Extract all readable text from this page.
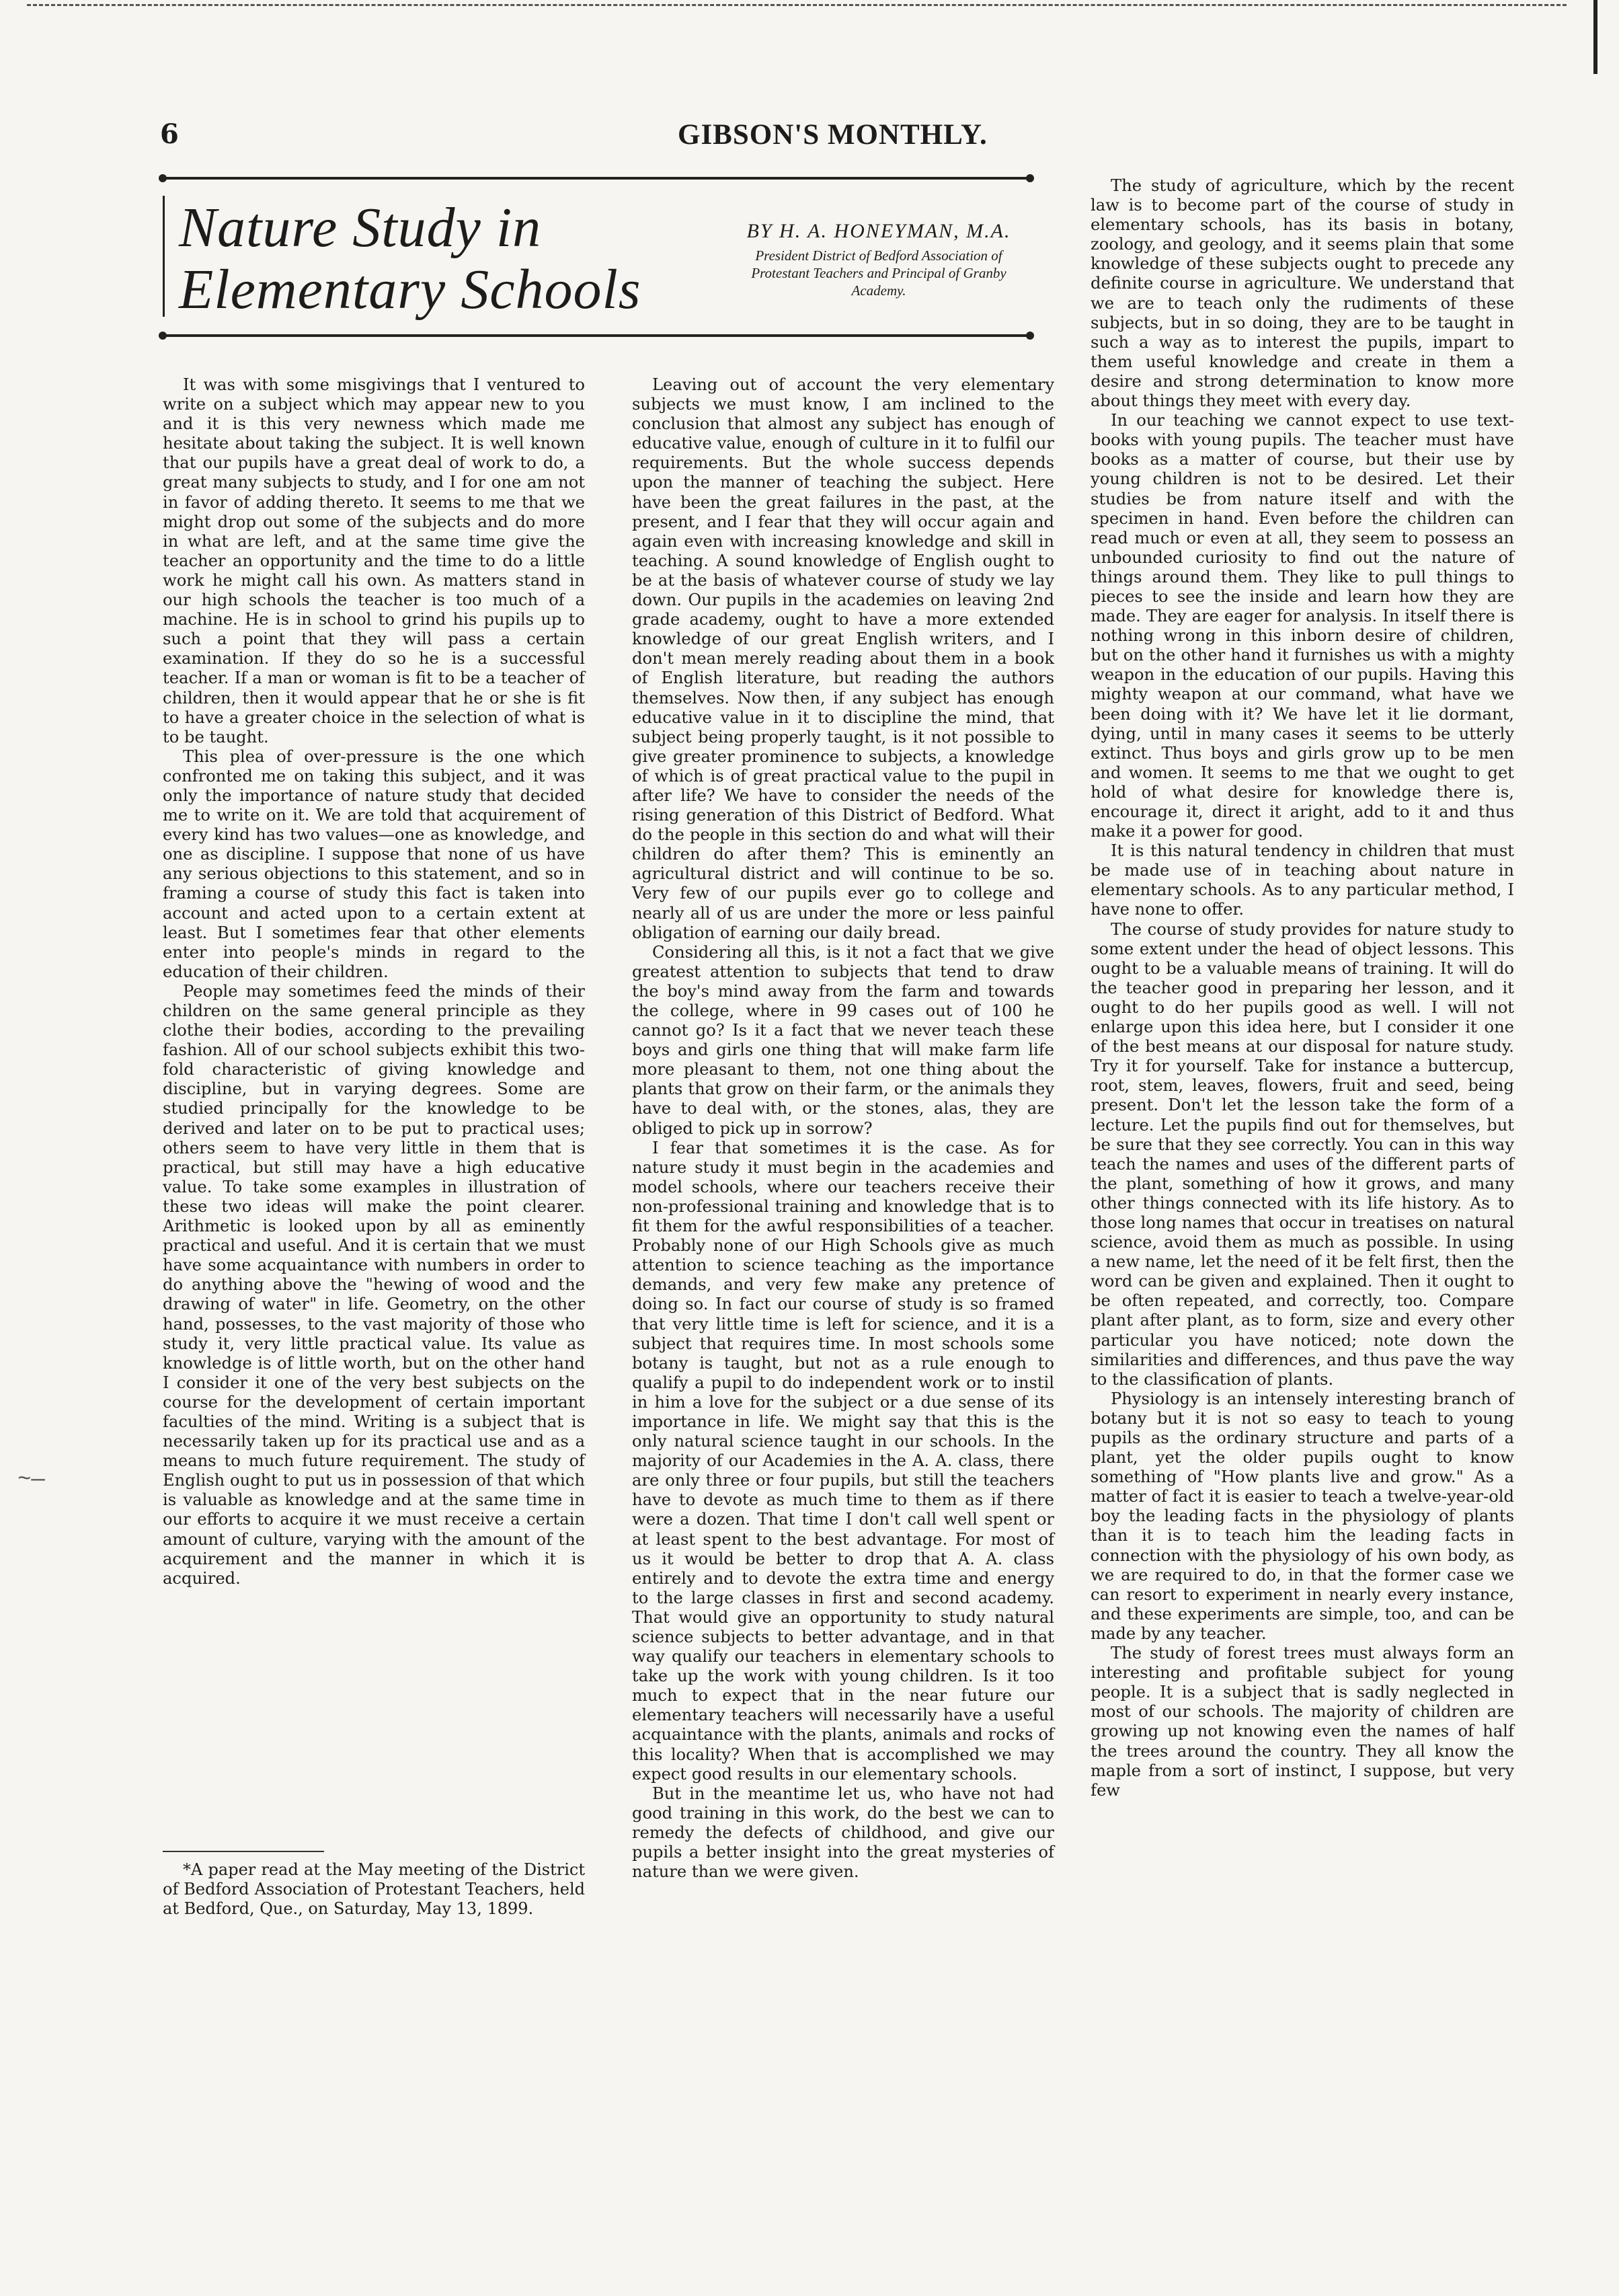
~—
6	GIBSON'S MONTHLY.
Nature Study in Elementary Schools
BY H. A. HONEYMAN, M.A.
President District of Bedford Association of Protestant Teachers and Principal of Granby Academy.

It was with some misgivings that I ventured to write on a subject which may appear new to you and it is this very newness which made me hesitate about taking the subject. It is well known that our pupils have a great deal of work to do, a great many subjects to study, and I for one am not in favor of adding thereto. It seems to me that we might drop out some of the subjects and do more in what are left, and at the same time give the teacher an opportunity and the time to do a little work he might call his own. As matters stand in our high schools the teacher is too much of a machine. He is in school to grind his pupils up to such a point that they will pass a certain examination. If they do so he is a successful teacher. If a man or woman is fit to be a teacher of children, then it would appear that he or she is fit to have a greater choice in the selection of what is to be taught.

This plea of over-pressure is the one which confronted me on taking this subject, and it was only the importance of nature study that decided me to write on it. We are told that acquirement of every kind has two values—one as knowledge, and one as discipline. I suppose that none of us have any serious objections to this statement, and so in framing a course of study this fact is taken into account and acted upon to a certain extent at least. But I sometimes fear that other elements enter into people's minds in regard to the education of their children.

People may sometimes feed the minds of their children on the same general principle as they clothe their bodies, according to the prevailing fashion. All of our school subjects exhibit this two-fold characteristic of giving knowledge and discipline, but in varying degrees. Some are studied principally for the knowledge to be derived and later on to be put to practical uses; others seem to have very little in them that is practical, but still may have a high educative value. To take some examples in illustration of these two ideas will make the point clearer. Arithmetic is looked upon by all as eminently practical and useful. And it is certain that we must have some acquaintance with numbers in order to do anything above the "hewing of wood and the drawing of water" in life. Geometry, on the other hand, possesses, to the vast majority of those who study it, very little practical value. Its value as knowledge is of little worth, but on the other hand I consider it one of the very best subjects on the course for the development of certain important faculties of the mind. Writing is a subject that is necessarily taken up for its practical use and as a means to much future requirement. The study of English ought to put us in possession of that which is valuable as knowledge and at the same time in our efforts to acquire it we must receive a certain amount of culture, varying with the amount of the acquirement and the manner in which it is acquired.

Leaving out of account the very elementary subjects we must know, I am inclined to the conclusion that almost any subject has enough of educative value, enough of culture in it to fulfil our requirements. But the whole success depends upon the manner of teaching the subject. Here have been the great failures in the past, at the present, and I fear that they will occur again and again even with increasing knowledge and skill in teaching. A sound knowledge of English ought to be at the basis of whatever course of study we lay down. Our pupils in the academies on leaving 2nd grade academy, ought to have a more extended knowledge of our great English writers, and I don't mean merely reading about them in a book of English literature, but reading the authors themselves. Now then, if any subject has enough educative value in it to discipline the mind, that subject being properly taught, is it not possible to give greater prominence to subjects, a knowledge of which is of great practical value to the pupil in after life? We have to consider the needs of the rising generation of this District of Bedford. What do the people in this section do and what will their children do after them? This is eminently an agricultural district and will continue to be so. Very few of our pupils ever go to college and nearly all of us are under the more or less painful obligation of earning our daily bread.

Considering all this, is it not a fact that we give greatest attention to subjects that tend to draw the boy's mind away from the farm and towards the college, where in 99 cases out of 100 he cannot go? Is it a fact that we never teach these boys and girls one thing that will make farm life more pleasant to them, not one thing about the plants that grow on their farm, or the animals they have to deal with, or the stones, alas, they are obliged to pick up in sorrow?

I fear that sometimes it is the case. As for nature study it must begin in the academies and model schools, where our teachers receive their non-professional training and knowledge that is to fit them for the awful responsibilities of a teacher. Probably none of our High Schools give as much attention to science teaching as the importance demands, and very few make any pretence of doing so. In fact our course of study is so framed that very little time is left for science, and it is a subject that requires time. In most schools some botany is taught, but not as a rule enough to qualify a pupil to do independent work or to instil in him a love for the subject or a due sense of its importance in life. We might say that this is the only natural science taught in our schools. In the majority of our Academies in the A. A. class, there are only three or four pupils, but still the teachers have to devote as much time to them as if there were a dozen. That time I don't call well spent or at least spent to the best advantage. For most of us it would be better to drop that A. A. class entirely and to devote the extra time and energy to the large classes in first and second academy. That would give an opportunity to study natural science subjects to better advantage, and in that way qualify our teachers in elementary schools to take up the work with young children. Is it too much to expect that in the near future our elementary teachers will necessarily have a useful acquaintance with the plants, animals and rocks of this locality? When that is accomplished we may expect good results in our elementary schools.

But in the meantime let us, who have not had good training in this work, do the best we can to remedy the defects of childhood, and give our pupils a better insight into the great mysteries of nature than we were given.

The study of agriculture, which by the recent law is to become part of the course of study in elementary schools, has its basis in botany, zoology, and geology, and it seems plain that some knowledge of these subjects ought to precede any definite course in agriculture. We understand that we are to teach only the rudiments of these subjects, but in so doing, they are to be taught in such a way as to interest the pupils, impart to them useful knowledge and create in them a desire and strong determination to know more about things they meet with every day.

In our teaching we cannot expect to use text-books with young pupils. The teacher must have books as a matter of course, but their use by young children is not to be desired. Let their studies be from nature itself and with the specimen in hand. Even before the children can read much or even at all, they seem to possess an unbounded curiosity to find out the nature of things around them. They like to pull things to pieces to see the inside and learn how they are made. They are eager for analysis. In itself there is nothing wrong in this inborn desire of children, but on the other hand it furnishes us with a mighty weapon in the education of our pupils. Having this mighty weapon at our command, what have we been doing with it? We have let it lie dormant, dying, until in many cases it seems to be utterly extinct. Thus boys and girls grow up to be men and women. It seems to me that we ought to get hold of what desire for knowledge there is, encourage it, direct it aright, add to it and thus make it a power for good.

It is this natural tendency in children that must be made use of in teaching about nature in elementary schools. As to any particular method, I have none to offer.

The course of study provides for nature study to some extent under the head of object lessons. This ought to be a valuable means of training. It will do the teacher good in preparing her lesson, and it ought to do her pupils good as well. I will not enlarge upon this idea here, but I consider it one of the best means at our disposal for nature study. Try it for yourself. Take for instance a buttercup, root, stem, leaves, flowers, fruit and seed, being present. Don't let the lesson take the form of a lecture. Let the pupils find out for themselves, but be sure that they see correctly. You can in this way teach the names and uses of the different parts of the plant, something of how it grows, and many other things connected with its life history. As to those long names that occur in treatises on natural science, avoid them as much as possible. In using a new name, let the need of it be felt first, then the word can be given and explained. Then it ought to be often repeated, and correctly, too. Compare plant after plant, as to form, size and every other particular you have noticed; note down the similarities and differences, and thus pave the way to the classification of plants.

Physiology is an intensely interesting branch of botany but it is not so easy to teach to young pupils as the ordinary structure and parts of a plant, yet the older pupils ought to know something of "How plants live and grow." As a matter of fact it is easier to teach a twelve-year-old boy the leading facts in the physiology of plants than it is to teach him the leading facts in connection with the physiology of his own body, as we are required to do, in that the former case we can resort to experiment in nearly every instance, and these experiments are simple, too, and can be made by any teacher.

The study of forest trees must always form an interesting and profitable subject for young people. It is a subject that is sadly neglected in most of our schools. The majority of children are growing up not knowing even the names of half the trees around the country. They all know the maple from a sort of instinct, I suppose, but very few

*A paper read at the May meeting of the District of Bedford Association of Protestant Teachers, held at Bedford, Que., on Saturday, May 13, 1899.
